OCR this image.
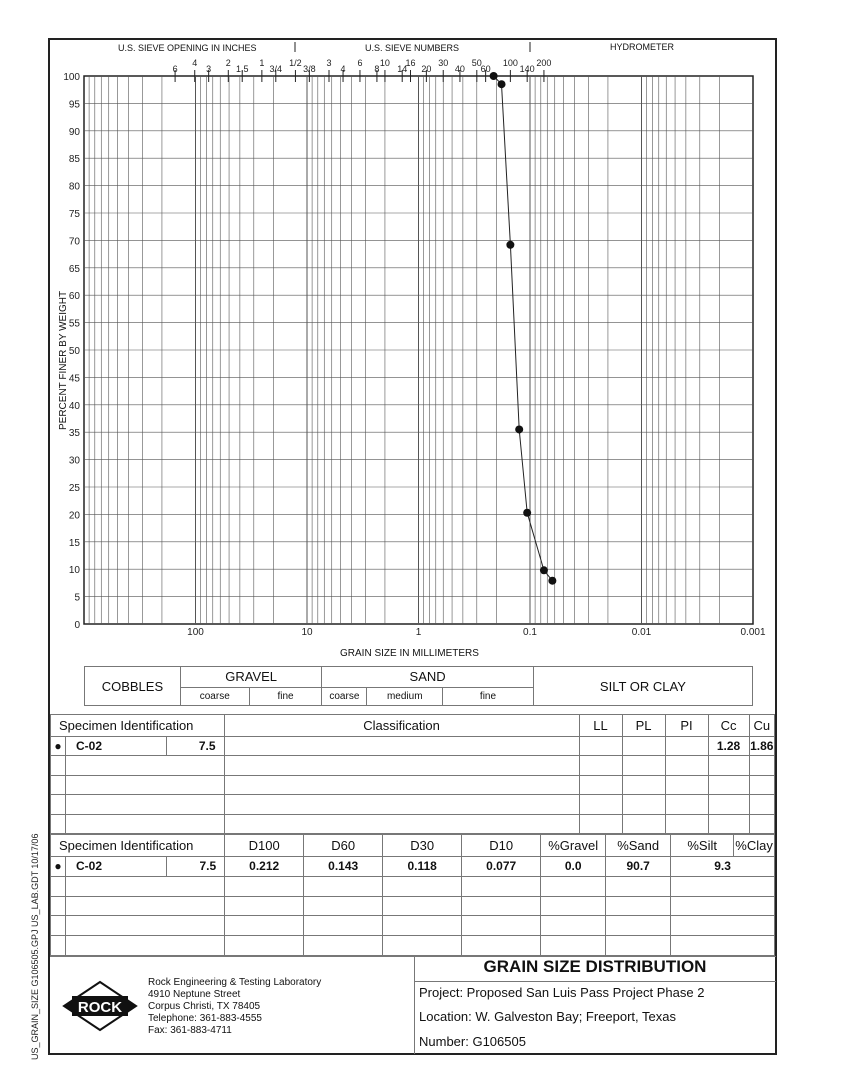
U.S. SIEVE OPENING IN INCHES	U.S. SIEVE NUMBERS	HYDROMETER
100
95
90
85
80
75
70
65
60
55
50
45
40
35
30
25
20
15
10
5
0
100	10	1	0.1	0.01	0.001
6
4
3
2
1.5
1
3/4
1/2
3/8
3
4
6
8
10
14
16
20
30
40
50
60
100
140
200
GRAIN SIZE IN MILLIMETERS
PERCENT FINER BY WEIGHT
COBBLES	GRAVEL		SAND			SILT OR CLAY
	coarse	fine	coarse	medium	fine	
Specimen Identification			Classification	LL	PL	PI	Cc	Cu
●	C-02	7.5					1.28	1.86

Specimen Identification			D100	D60	D30	D10	%Gravel	%Sand	%Silt	%Clay
●	C-02	7.5	0.212	0.143	0.118	0.077	0.0	90.7	9.3	

ROCK
Rock Engineering & Testing Laboratory
4910 Neptune Street
Corpus Christi, TX 78405
Telephone: 361-883-4555
Fax: 361-883-4711
GRAIN SIZE DISTRIBUTION
Project: Proposed San Luis Pass Project Phase 2
Location: W. Galveston Bay; Freeport, Texas
Number: G106505
US_GRAIN_SIZE G106505.GPJ US_LAB.GDT 10/17/06
